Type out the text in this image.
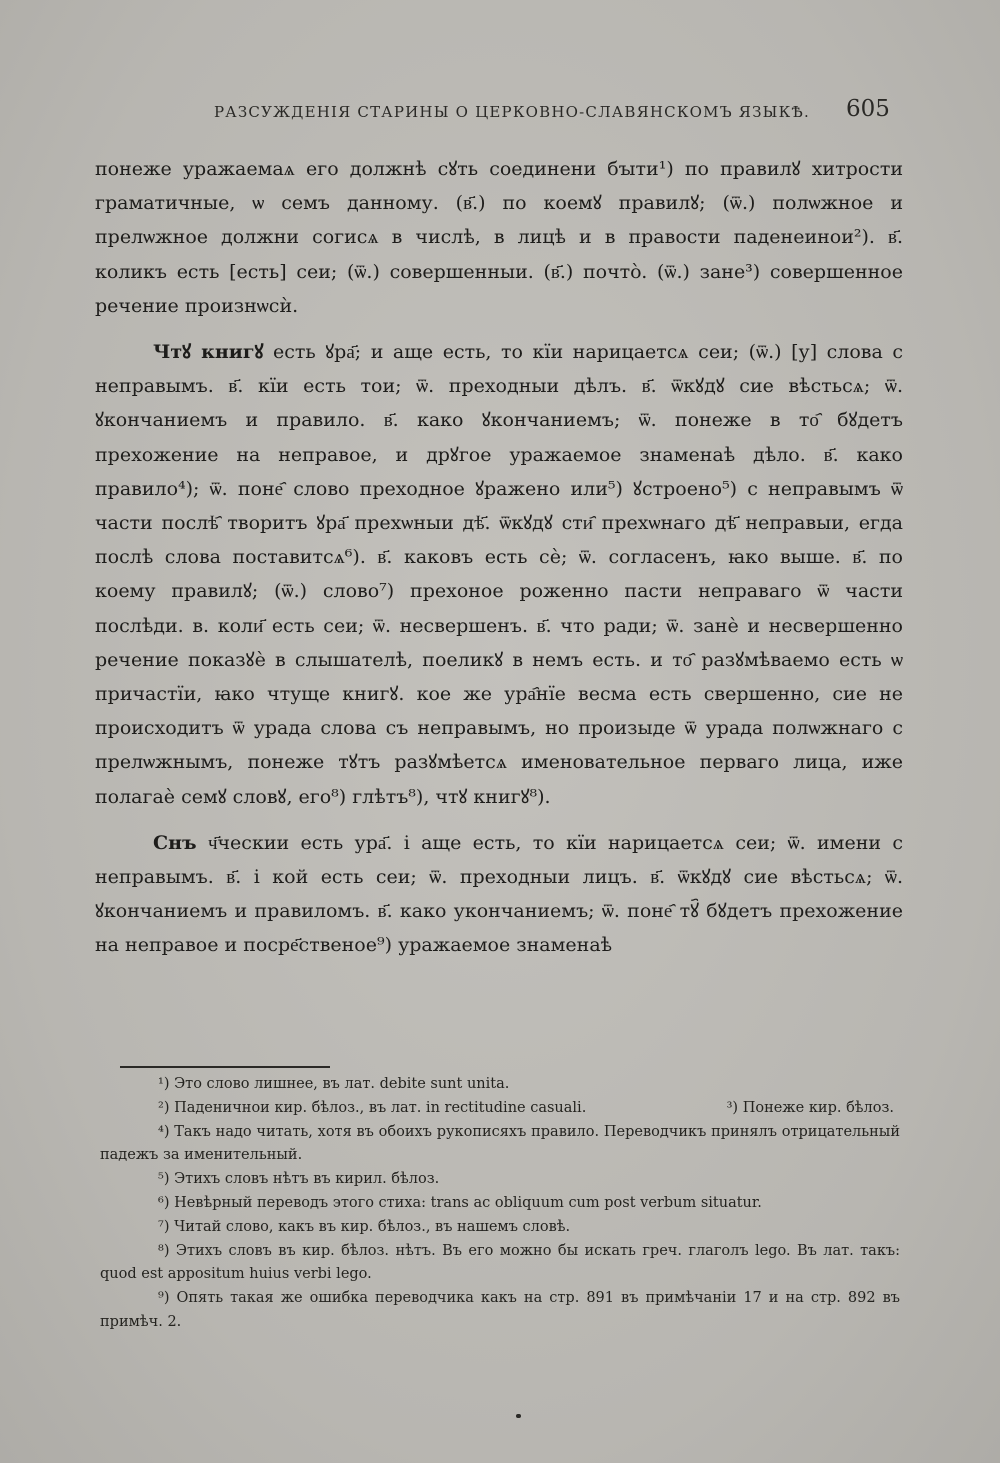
РАЗСУЖДЕНІЯ СТАРИНЫ О ЦЕРКОВНО-СЛАВЯНСКОМЪ ЯЗЫКѢ. 605

понеже уражаемаѧ его должнѣ сꙋть соединени бꙑти¹) по правилꙋ хитрости граматичные, ѡ семъ данному. (в҃.) по коемꙋ правилꙋ; (ѿ.) полѡжное и прелѡжное должни согисѧ в числѣ, в лицѣ и в правости паденеинои²). в҃. коликъ есть [есть] сеи; (ѿ.) совершенныи. (в҃.) почтò. (ѿ.) зане³) совершенное речение произнѡсѝ.

Чтꙋ книгꙋ есть ꙋра҃; и аще есть, то кїи нарицаетсѧ сеи; (ѿ.) [у] слова с неправымъ. в҃. кїи есть тои; ѿ. преходныи дѣлъ. в҃. ѿкꙋдꙋ сие вѣстьсѧ; ѿ. ꙋкончаниемъ и правило. в҃. како ꙋкончаниемъ; ѿ. понеже в то҄ бꙋдетъ прехожение на неправое, и дрꙋгое уражаемое знаменаѣ дѣло. в҃. како правило⁴); ѿ. поне҄ слово преходное ꙋражено или⁵) ꙋстроено⁵) с неправымъ ѿ части послѣ҄ творитъ ꙋра҃ прехѡныи дѣ҃. ѿкꙋдꙋ сти҄ прехѡнаго дѣ҃ неправыи, егда послѣ слова поставитсѧ⁶). в҃. каковъ есть сѐ; ѿ. согласенъ, ꙗко выше. в҃. по коему правилꙋ; (ѿ.) слово⁷) прехоное роженно пасти неправаго ѿ части послѣди. в. коли҃ есть сеи; ѿ. несвершенъ. в҃. что ради; ѿ. занѐ и несвершенно речение показꙋѐ в слышателѣ, поеликꙋ в немъ есть. и то҄ разꙋмѣваемо есть ѡ причастїи, ꙗко чтуще книгꙋ. кое же ура҄нїе весма есть свершенно, сие не происходитъ ѿ урада слова съ неправымъ, но произыде ѿ урада полѡжнаго с прелѡжнымъ, понеже тꙋтъ разꙋмѣетсѧ именовательное перваго лица, иже полагаѐ семꙋ словꙋ, его⁸) глѣтъ⁸), чтꙋ книгꙋ⁸).

Снъ ч҃ческии есть ура҃. і аще есть, то кїи нарицаетсѧ сеи; ѿ. имени с неправымъ. в҃. і кой есть сеи; ѿ. преходныи лицъ. в҃. ѿкꙋдꙋ сие вѣстьсѧ; ѿ. ꙋкончаниемъ и правиломъ. в҃. како укончаниемъ; ѿ. поне҄ тꙋ҄ бꙋдетъ прехожение на неправое и посре҃ственое⁹) уражаемое знаменаѣ

¹) Это слово лишнее, въ лат. debite sunt unita.

²) Паденичнои кир. бѣлоз., въ лат. in rectitudine casuali.	³) Понеже кир. бѣлоз.

⁴) Такъ надо читать, хотя въ обоихъ рукописяхъ правило. Переводчикъ принялъ отрицательный падежъ за именительный.

⁵) Этихъ словъ нѣтъ въ кирил. бѣлоз.

⁶) Невѣрный переводъ этого стиха: trans ac obliquum cum post verbum situatur.

⁷) Читай слово, какъ въ кир. бѣлоз., въ нашемъ словѣ.

⁸) Этихъ словъ въ кир. бѣлоз. нѣтъ. Въ его можно бы искать греч. глаголъ lego. Въ лат. такъ: quod est appositum huius verbi lego.

⁹) Опять такая же ошибка переводчика какъ на стр. 891 въ примѣчаніи 17 и на стр. 892 въ примѣч. 2.
